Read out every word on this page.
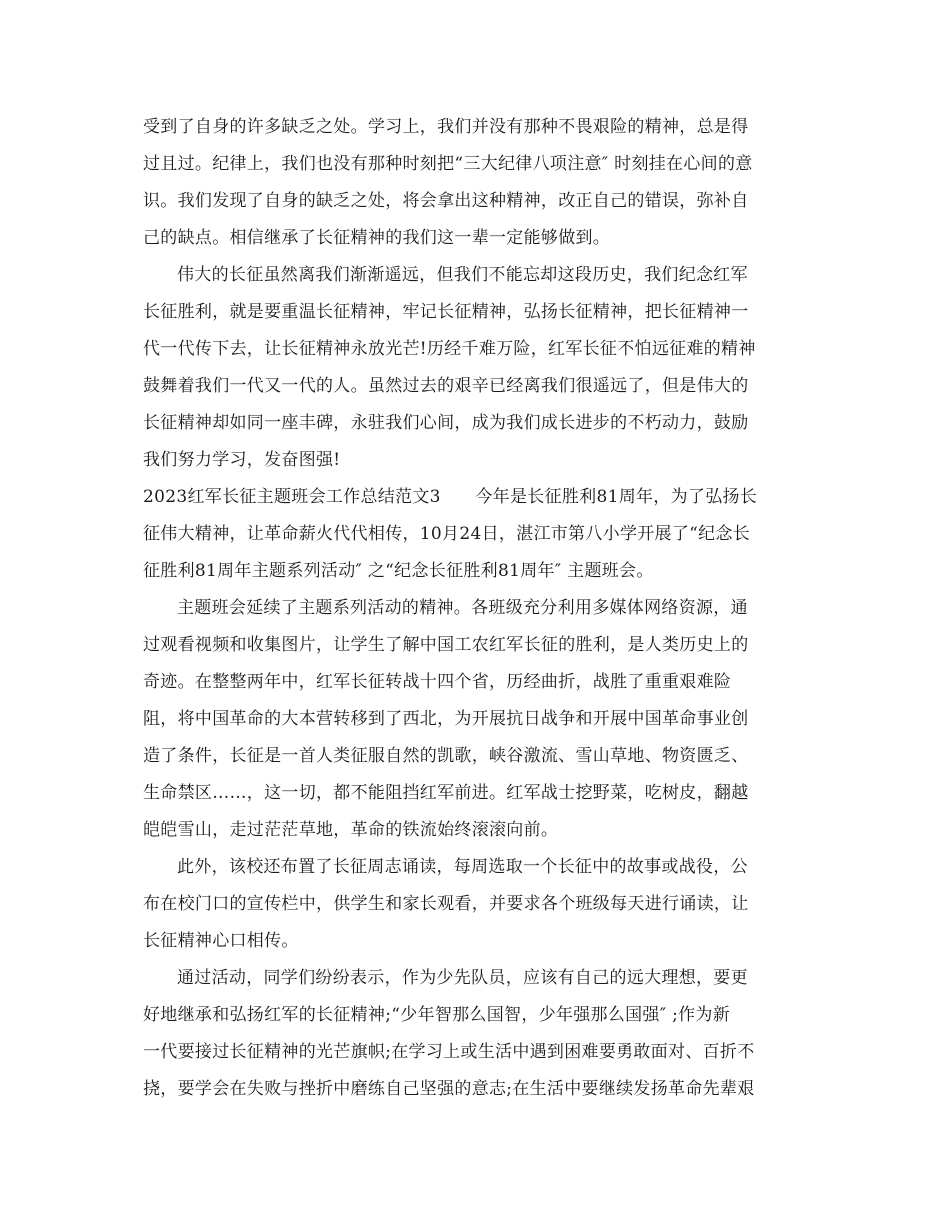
受到了自身的许多缺乏之处。学习上，我们并没有那种不畏艰险的精神，总是得
过且过。纪律上，我们也没有那种时刻把“三大纪律八项注意″ 时刻挂在心间的意
识。我们发现了自身的缺乏之处，将会拿出这种精神，改正自己的错误，弥补自
己的缺点。相信继承了长征精神的我们这一辈一定能够做到。
伟大的长征虽然离我们渐渐遥远，但我们不能忘却这段历史，我们纪念红军
长征胜利，就是要重温长征精神，牢记长征精神，弘扬长征精神，把长征精神一
代一代传下去，让长征精神永放光芒!历经千难万险，红军长征不怕远征难的精神
鼓舞着我们一代又一代的人。虽然过去的艰辛已经离我们很遥远了，但是伟大的
长征精神却如同一座丰碑，永驻我们心间，成为我们成长进步的不朽动力，鼓励
我们努力学习，发奋图强!
2023红军长征主题班会工作总结范文3　　今年是长征胜利81周年，为了弘扬长
征伟大精神，让革命薪火代代相传，10月24日，湛江市第八小学开展了“纪念长
征胜利81周年主题系列活动″ 之“纪念长征胜利81周年″ 主题班会。
主题班会延续了主题系列活动的精神。各班级充分利用多媒体网络资源，通
过观看视频和收集图片，让学生了解中国工农红军长征的胜利，是人类历史上的
奇迹。在整整两年中，红军长征转战十四个省，历经曲折，战胜了重重艰难险
阻，将中国革命的大本营转移到了西北，为开展抗日战争和开展中国革命事业创
造了条件，长征是一首人类征服自然的凯歌，峡谷激流、雪山草地、物资匮乏、
生命禁区……，这一切，都不能阻挡红军前进。红军战士挖野菜，吃树皮，翻越
皑皑雪山，走过茫茫草地，革命的铁流始终滚滚向前。
此外，该校还布置了长征周志诵读，每周选取一个长征中的故事或战役，公
布在校门口的宣传栏中，供学生和家长观看，并要求各个班级每天进行诵读，让
长征精神心口相传。
通过活动，同学们纷纷表示，作为少先队员，应该有自己的远大理想，要更
好地继承和弘扬红军的长征精神;“少年智那么国智，少年强那么国强″ ;作为新
一代要接过长征精神的光芒旗帜;在学习上或生活中遇到困难要勇敢面对、百折不
挠，要学会在失败与挫折中磨练自己坚强的意志;在生活中要继续发扬革命先辈艰
